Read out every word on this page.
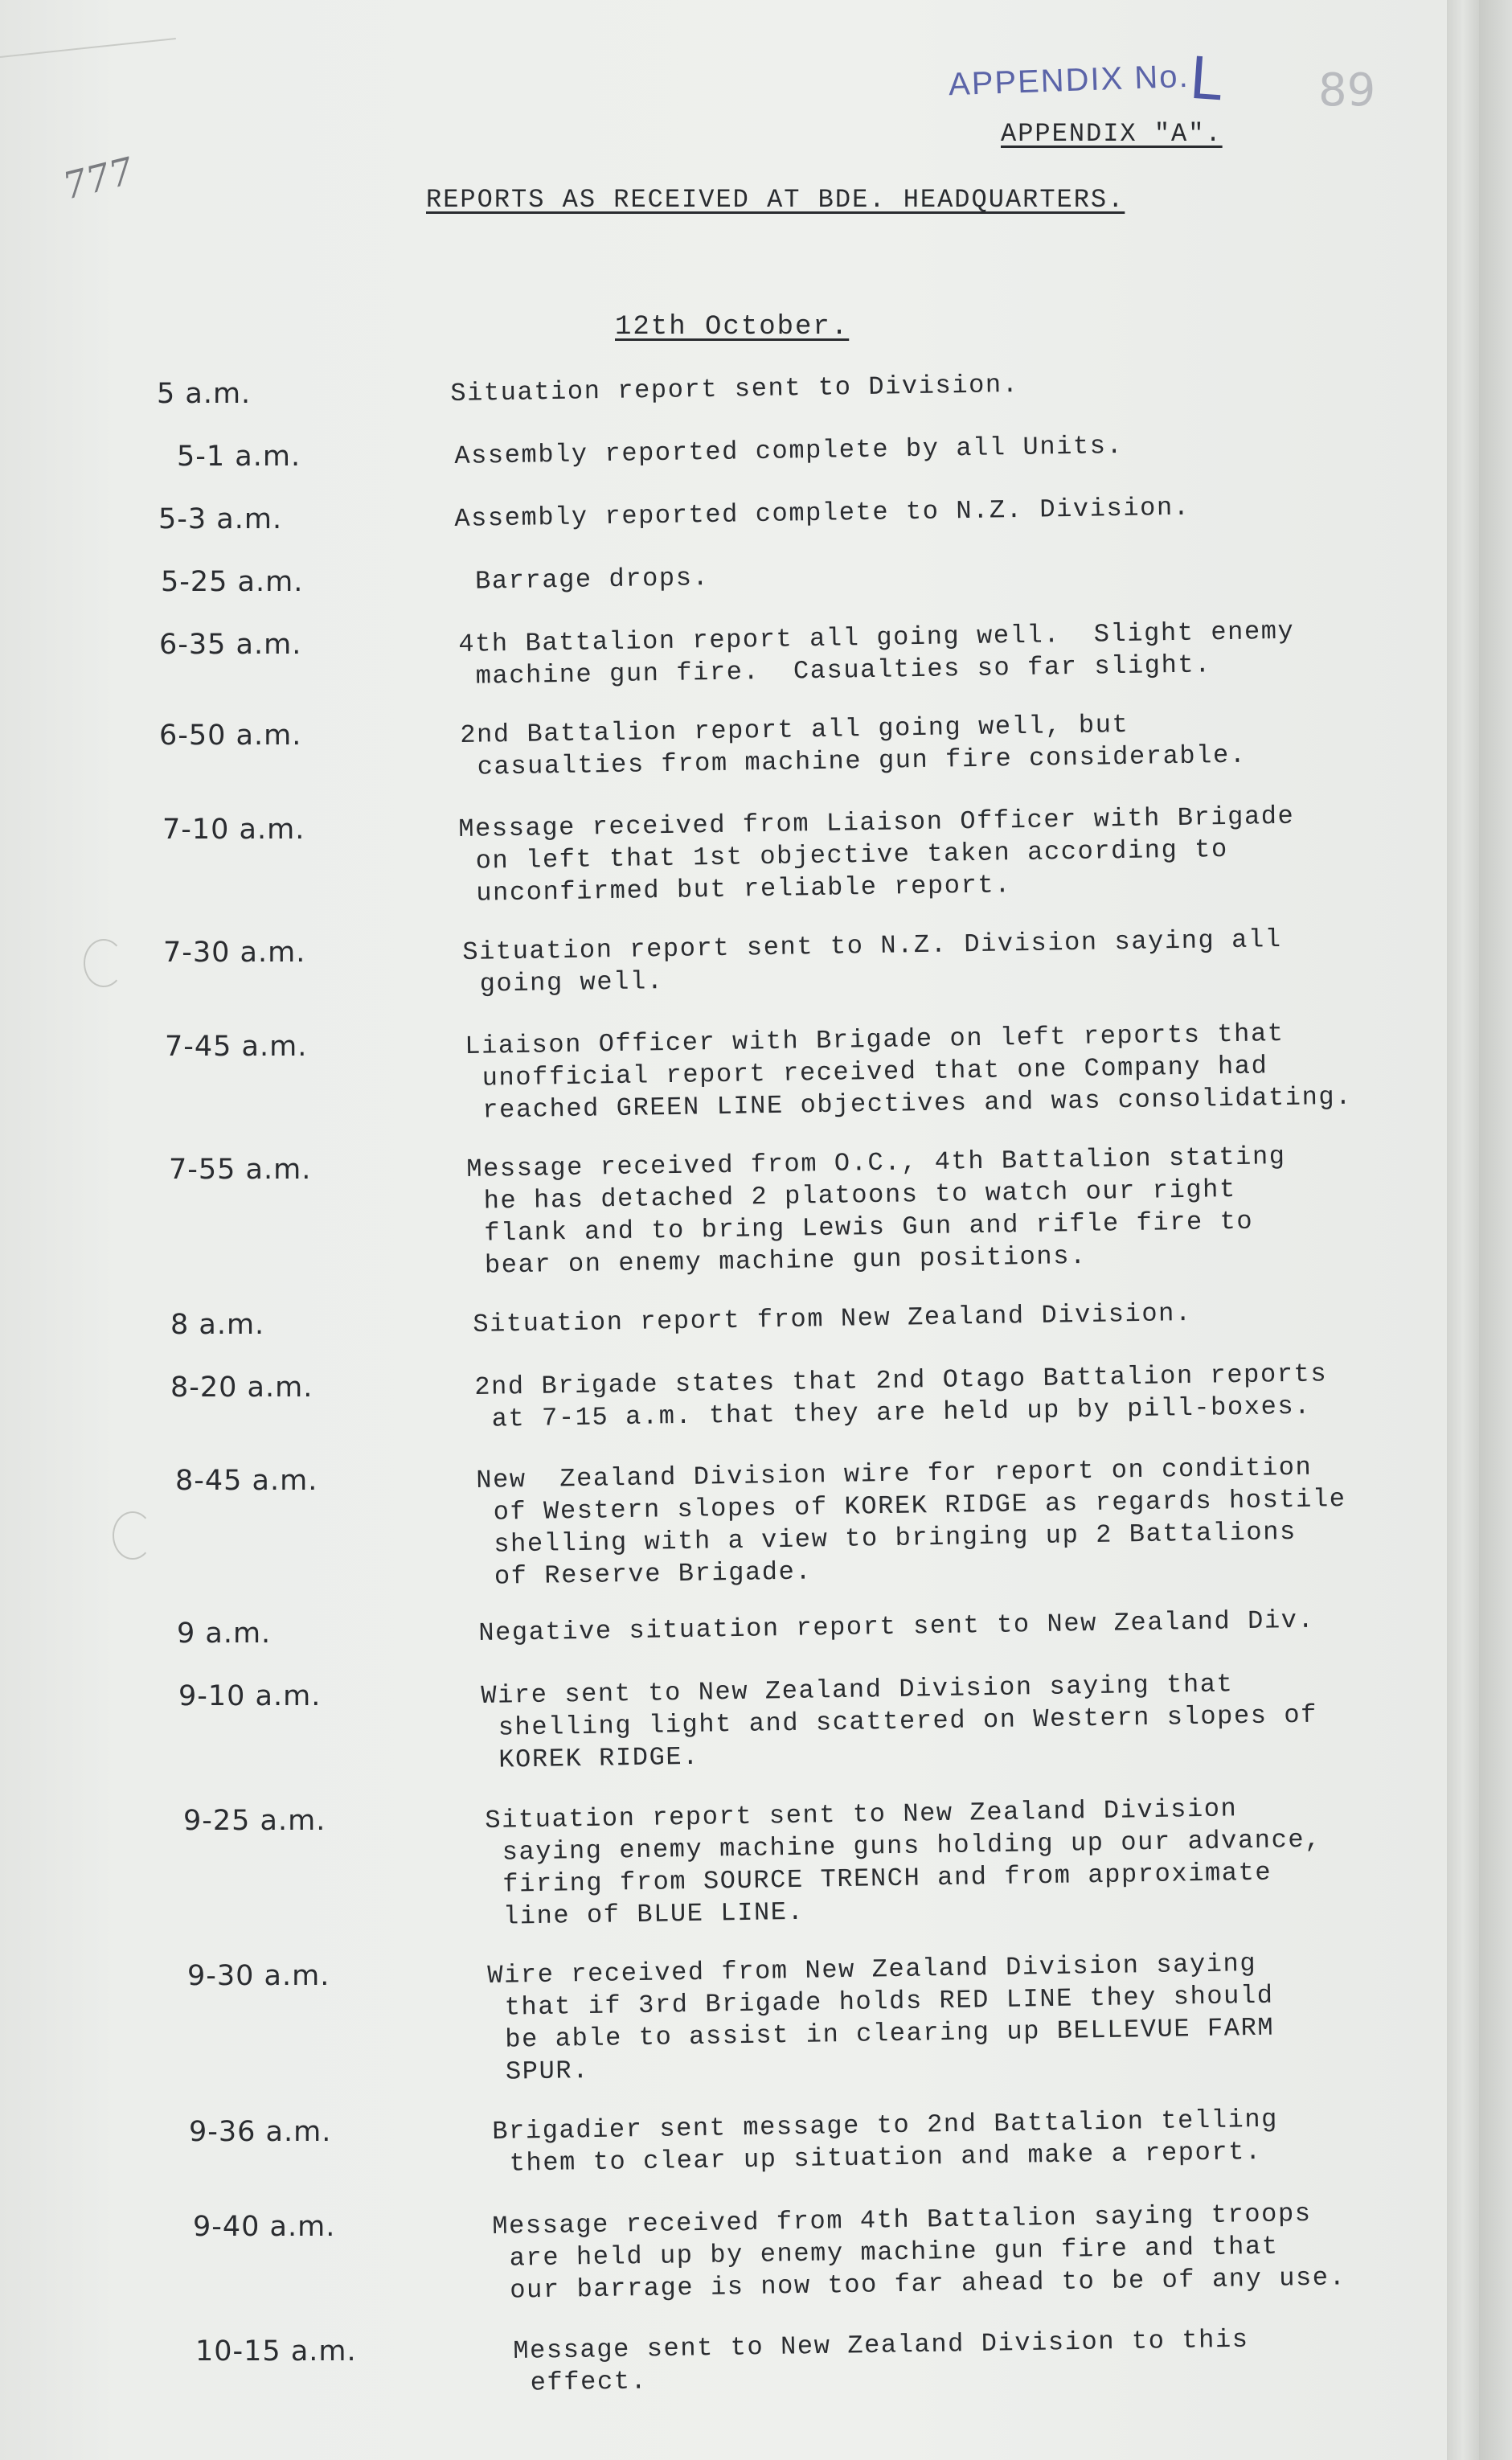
APPENDIX No.
L 89
777
APPENDIX "A".
REPORTS AS RECEIVED AT BDE. HEADQUARTERS.
12th October.
5 a.m.	Situation report sent to Division.
5-1 a.m.	Assembly reported complete by all Units.
5-3 a.m.	Assembly reported complete to N.Z. Division.
5-25 a.m.	Barrage drops.
6-35 a.m.	4th Battalion report all going well.  Slight enemy
machine gun fire.  Casualties so far slight.
6-50 a.m.	2nd Battalion report all going well, but
casualties from machine gun fire considerable.
7-10 a.m.	Message received from Liaison Officer with Brigade
on left that 1st objective taken according to
unconfirmed but reliable report.
7-30 a.m.	Situation report sent to N.Z. Division saying all
going well.
7-45 a.m.	Liaison Officer with Brigade on left reports that
unofficial report received that one Company had
reached GREEN LINE objectives and was consolidating.
7-55 a.m.	Message received from O.C., 4th Battalion stating
he has detached 2 platoons to watch our right
flank and to bring Lewis Gun and rifle fire to
bear on enemy machine gun positions.
8 a.m.	Situation report from New Zealand Division.
8-20 a.m.	2nd Brigade states that 2nd Otago Battalion reports
at 7-15 a.m. that they are held up by pill-boxes.
8-45 a.m.	New  Zealand Division wire for report on condition
of Western slopes of KOREK RIDGE as regards hostile
shelling with a view to bringing up 2 Battalions
of Reserve Brigade.
9 a.m.	Negative situation report sent to New Zealand Div.
9-10 a.m.	Wire sent to New Zealand Division saying that
shelling light and scattered on Western slopes of
KOREK RIDGE.
9-25 a.m.	Situation report sent to New Zealand Division
saying enemy machine guns holding up our advance,
firing from SOURCE TRENCH and from approximate
line of BLUE LINE.
9-30 a.m.	Wire received from New Zealand Division saying
that if 3rd Brigade holds RED LINE they should
be able to assist in clearing up BELLEVUE FARM
SPUR.
9-36 a.m.	Brigadier sent message to 2nd Battalion telling
them to clear up situation and make a report.
9-40 a.m.	Message received from 4th Battalion saying troops
are held up by enemy machine gun fire and that
our barrage is now too far ahead to be of any use.
10-15 a.m.	Message sent to New Zealand Division to this
effect.
